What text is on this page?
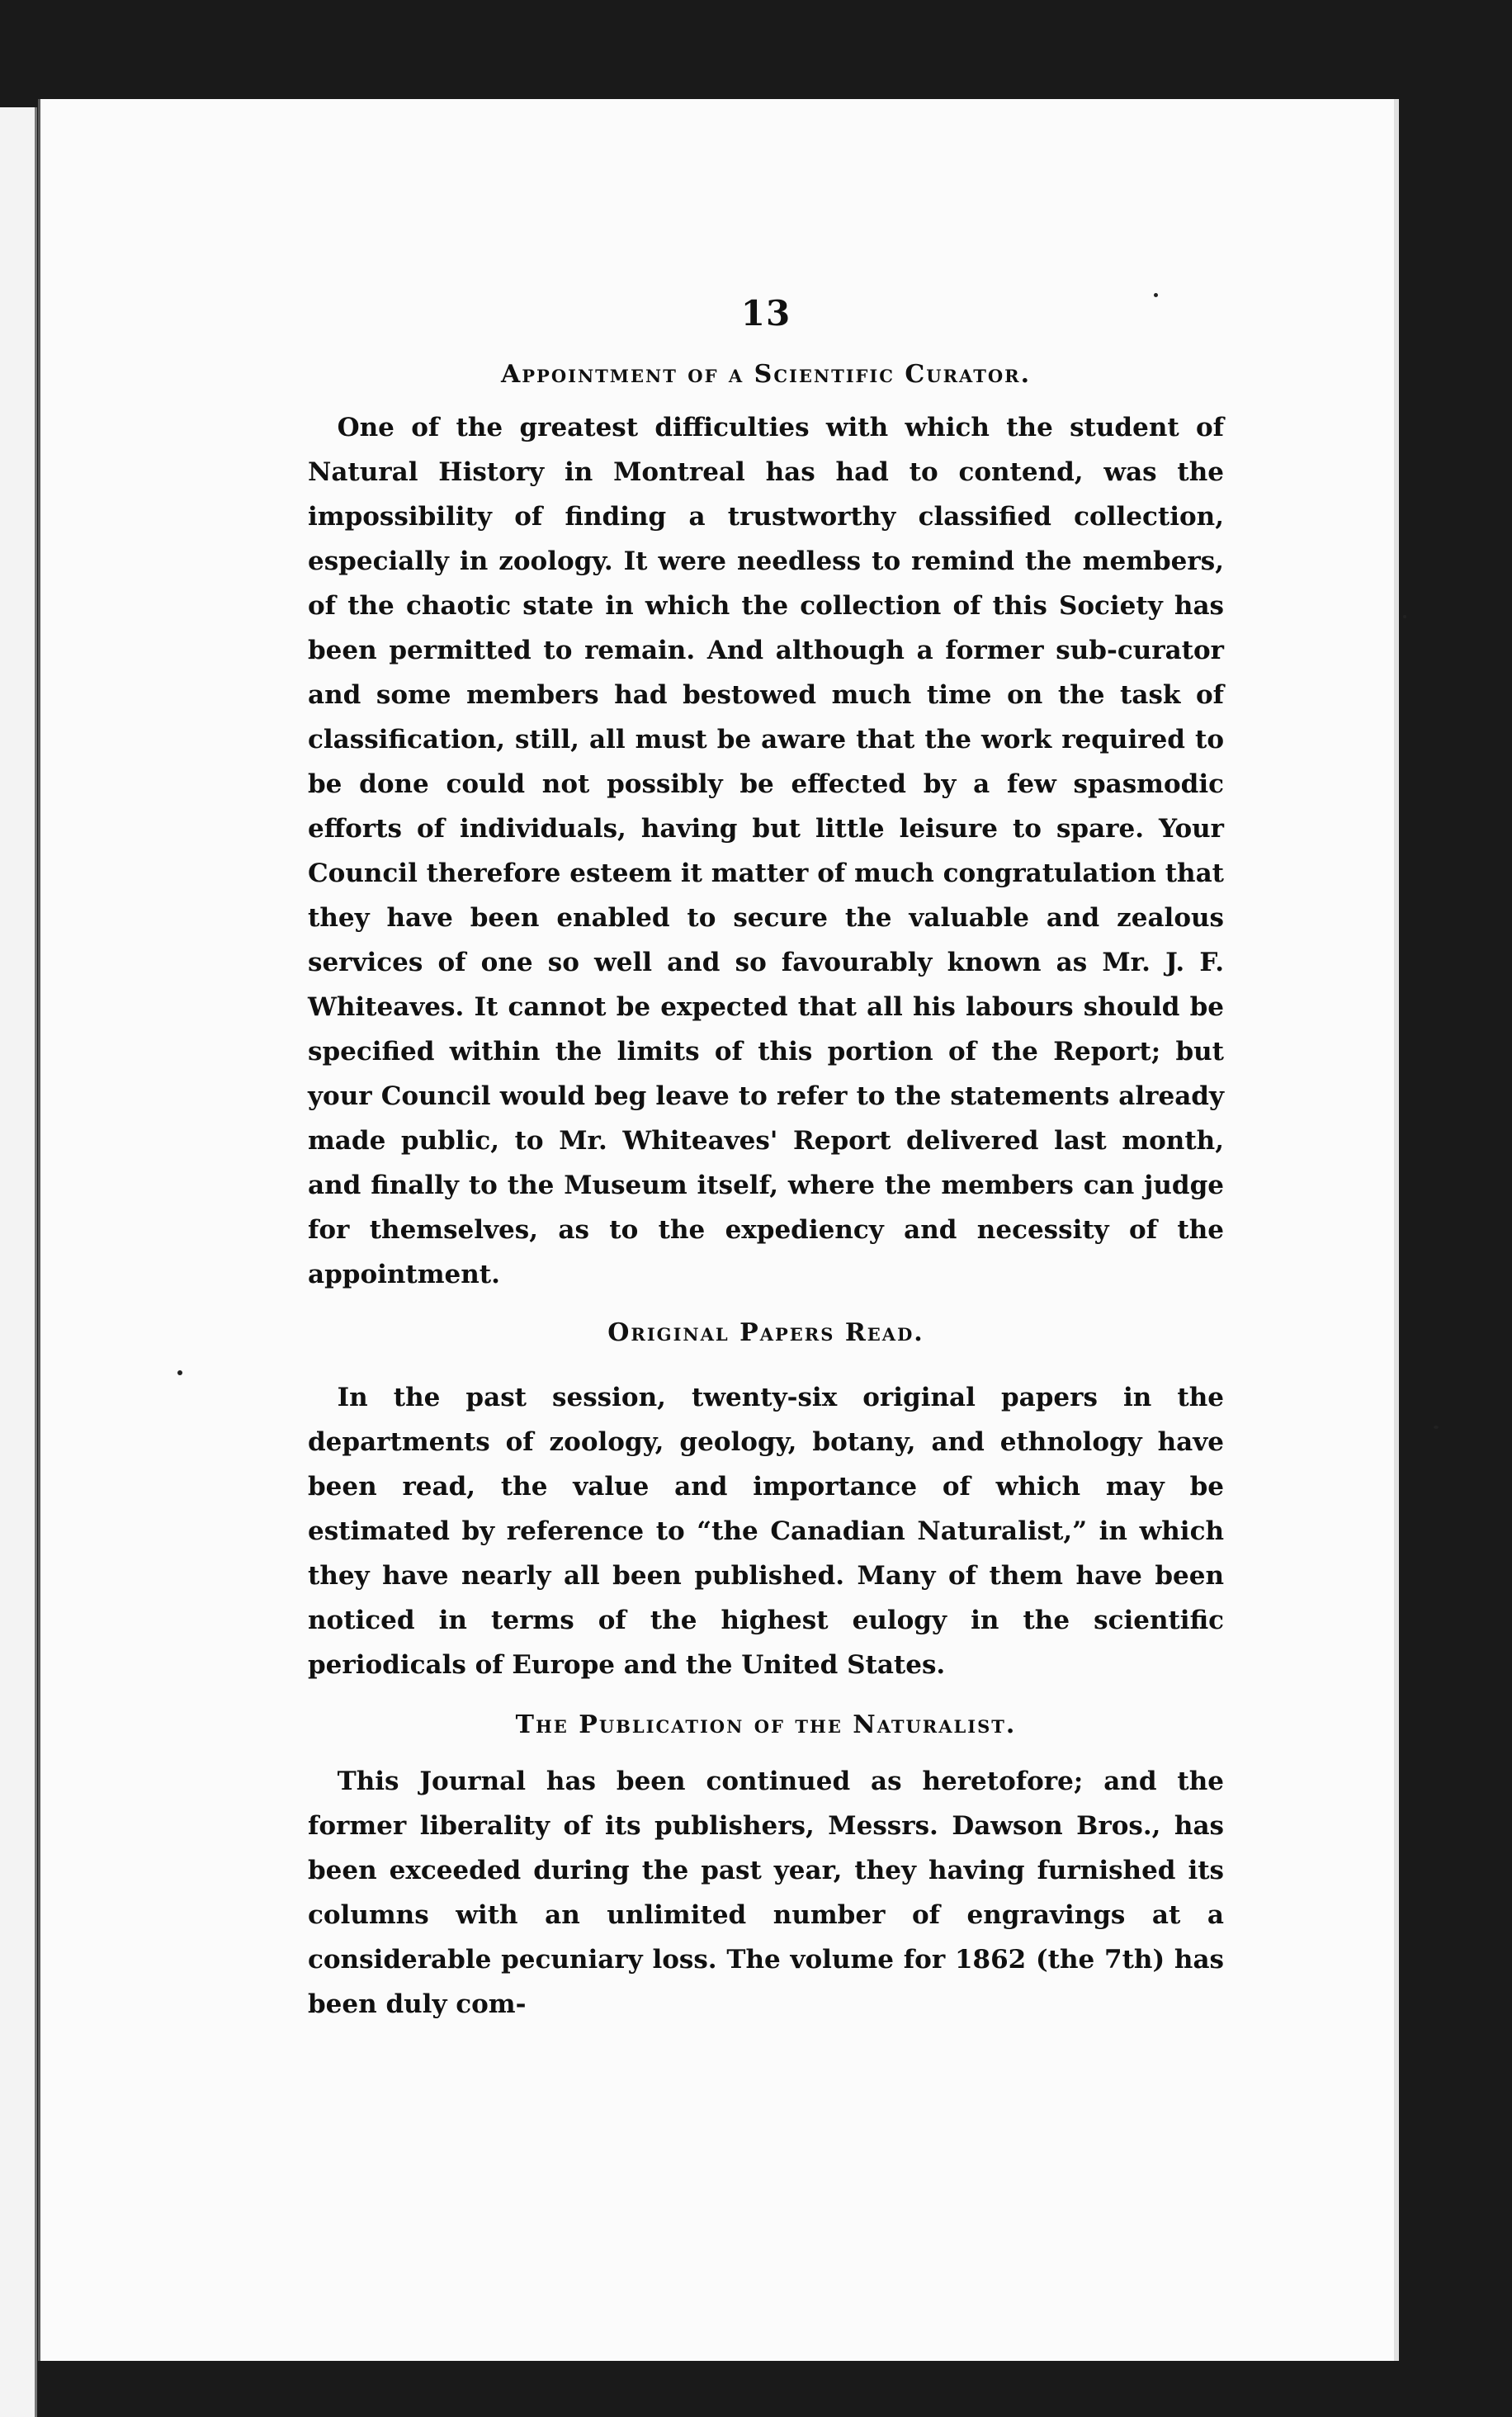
13
Appointment of a Scientific Curator.

One of the greatest difficulties with which the student of Natural History in Montreal has had to contend, was the impossibility of finding a trustworthy classified collection, especially in zoology. It were needless to remind the members, of the chaotic state in which the collection of this Society has been permitted to remain. And although a former sub-curator and some members had bestowed much time on the task of classification, still, all must be aware that the work required to be done could not possibly be effected by a few spasmodic efforts of individuals, having but little leisure to spare. Your Council therefore esteem it matter of much congratulation that they have been enabled to secure the valuable and zealous services of one so well and so favourably known as Mr. J. F. Whiteaves. It cannot be expected that all his labours should be specified within the limits of this portion of the Report; but your Council would beg leave to refer to the statements already made public, to Mr. Whiteaves' Report delivered last month, and finally to the Museum itself, where the members can judge for themselves, as to the expediency and necessity of the appointment.

Original Papers Read.

In the past session, twenty-six original papers in the departments of zoology, geology, botany, and ethnology have been read, the value and importance of which may be estimated by reference to “the Canadian Naturalist,” in which they have nearly all been published. Many of them have been noticed in terms of the highest eulogy in the scientific periodicals of Europe and the United States.

The Publication of the Naturalist.

This Journal has been continued as heretofore; and the former liberality of its publishers, Messrs. Dawson Bros., has been exceeded during the past year, they having furnished its columns with an unlimited number of engravings at a considerable pecuniary loss. The volume for 1862 (the 7th) has been duly com-
